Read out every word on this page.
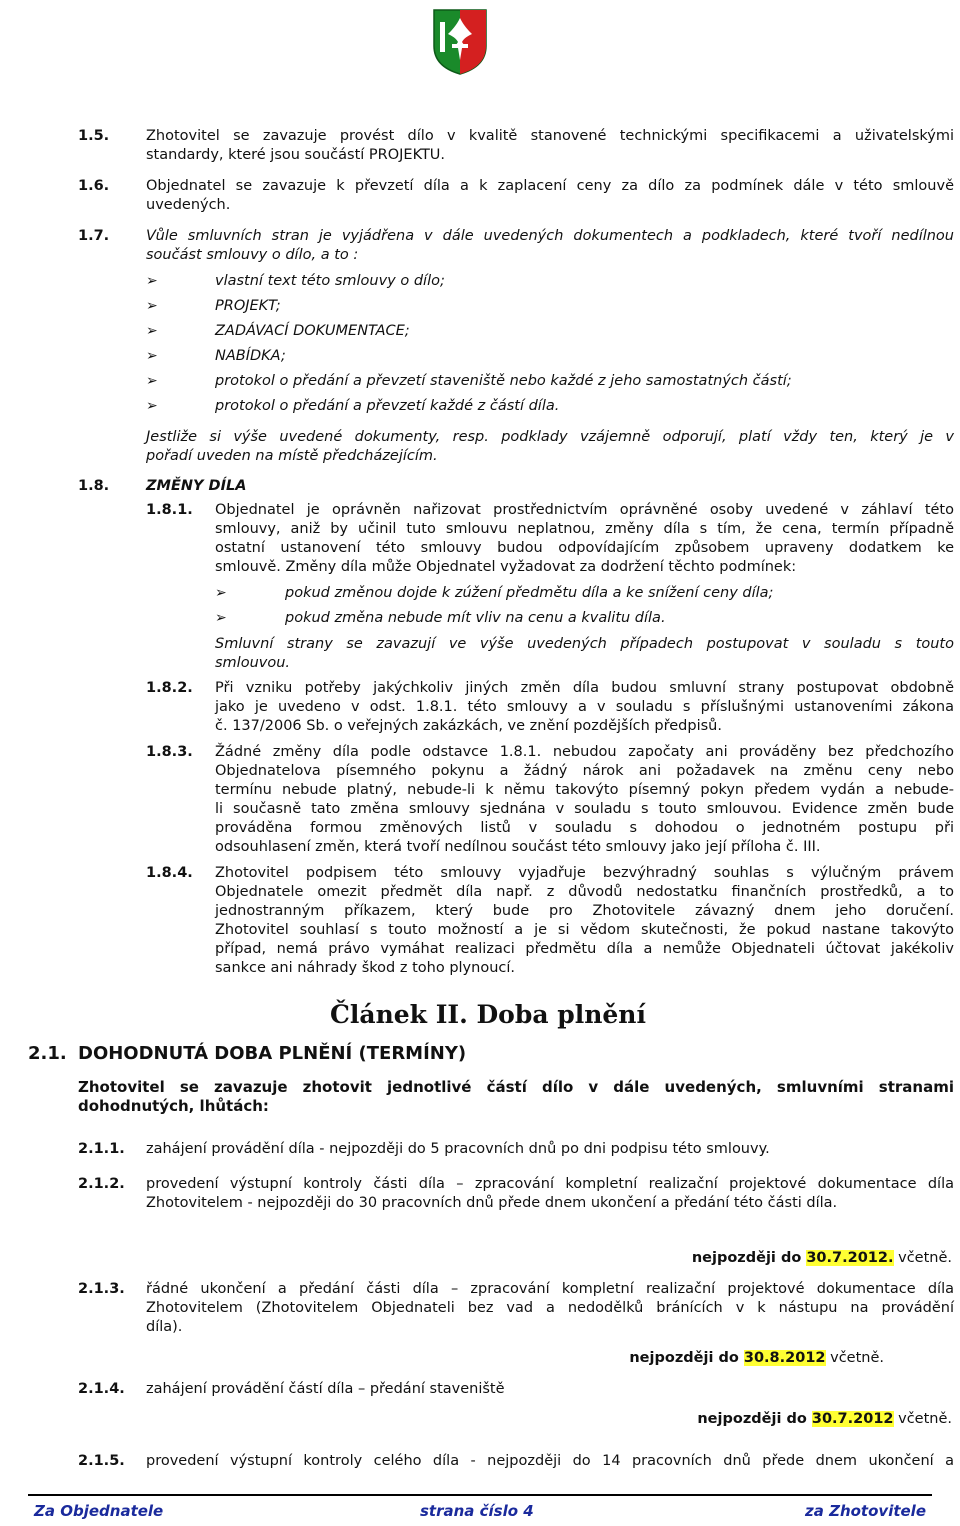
1.5.	Zhotovitel se zavazuje provést dílo v kvalitě stanovené technickými specifikacemi a uživatelskými
standardy, které jsou součástí PROJEKTU.
1.6.	Objednatel se zavazuje k převzetí díla a k zaplacení ceny za dílo za podmínek dále v této smlouvě
uvedených.
1.7.	Vůle smluvních stran je vyjádřena v dále uvedených dokumentech a podkladech, které tvoří nedílnou
součást smlouvy o dílo, a to :
➢	vlastní text této smlouvy o dílo;
➢	PROJEKT;
➢	ZADÁVACÍ DOKUMENTACE;
➢	NABÍDKA;
➢	protokol o předání a převzetí staveniště nebo každé z jeho samostatných částí;
➢	protokol o předání a převzetí každé z částí díla.
Jestliže si výše uvedené dokumenty, resp. podklady vzájemně odporují, platí vždy ten, který je v
pořadí uveden na místě předcházejícím.
1.8.	ZMĚNY DÍLA
1.8.1. Objednatel je oprávněn nařizovat prostřednictvím oprávněné osoby uvedené v záhlaví této
smlouvy, aniž by učinil tuto smlouvu neplatnou, změny díla s tím, že cena, termín případně
ostatní ustanovení této smlouvy budou odpovídajícím způsobem upraveny dodatkem ke
smlouvě. Změny díla může Objednatel vyžadovat za dodržení těchto podmínek:
➢	pokud změnou dojde k zúžení předmětu díla a ke snížení ceny díla;
➢	pokud změna nebude mít vliv na cenu a kvalitu díla.
Smluvní strany se zavazují ve výše uvedených případech postupovat v souladu s touto
smlouvou.
1.8.2. Při vzniku potřeby jakýchkoliv jiných změn díla budou smluvní strany postupovat obdobně
jako je uvedeno v odst. 1.8.1. této smlouvy a v souladu s příslušnými ustanoveními zákona
č. 137/2006 Sb. o veřejných zakázkách, ve znění pozdějších předpisů.
1.8.3. Žádné změny díla podle odstavce 1.8.1. nebudou započaty ani prováděny bez předchozího
Objednatelova písemného pokynu a žádný nárok ani požadavek na změnu ceny nebo
termínu nebude platný, nebude-li k němu takovýto písemný pokyn předem vydán a nebude-
li současně tato změna smlouvy sjednána v souladu s touto smlouvou. Evidence změn bude
prováděna formou změnových listů v souladu s dohodou o jednotném postupu při
odsouhlasení změn, která tvoří nedílnou součást této smlouvy jako její příloha č. III.
1.8.4. Zhotovitel podpisem této smlouvy vyjadřuje bezvýhradný souhlas s výlučným právem
Objednatele omezit předmět díla např. z důvodů nedostatku finančních prostředků, a to
jednostranným příkazem, který bude pro Zhotovitele závazný dnem jeho doručení.
Zhotovitel souhlasí s touto možností a je si vědom skutečnosti, že pokud nastane takovýto
případ, nemá právo vymáhat realizaci předmětu díla a nemůže Objednateli účtovat jakékoliv
sankce ani náhrady škod z toho plynoucí.
Článek II. Doba plnění
2.1. DOHODNUTÁ DOBA PLNĚNÍ (TERMÍNY)
Zhotovitel se zavazuje zhotovit jednotlivé částí dílo v dále uvedených, smluvními stranami
dohodnutých, lhůtách:
2.1.1. zahájení provádění díla - nejpozději do 5 pracovních dnů po dni podpisu této smlouvy.
2.1.2. provedení výstupní kontroly části díla – zpracování kompletní realizační projektové dokumentace díla
Zhotovitelem - nejpozději do 30 pracovních dnů přede dnem ukončení a předání této části díla.
nejpozději do 30.7.2012. včetně.
2.1.3. řádné ukončení a předání části díla – zpracování kompletní realizační projektové dokumentace díla
Zhotovitelem (Zhotovitelem Objednateli bez vad a nedodělků bránících v k nástupu na provádění
díla).
nejpozději do 30.8.2012 včetně.
2.1.4. zahájení provádění částí díla – předání staveniště
nejpozději do 30.7.2012 včetně.
2.1.5. provedení výstupní kontroly celého díla - nejpozději do 14 pracovních dnů přede dnem ukončení a
Za Objednatele	strana číslo 4	za Zhotovitele
